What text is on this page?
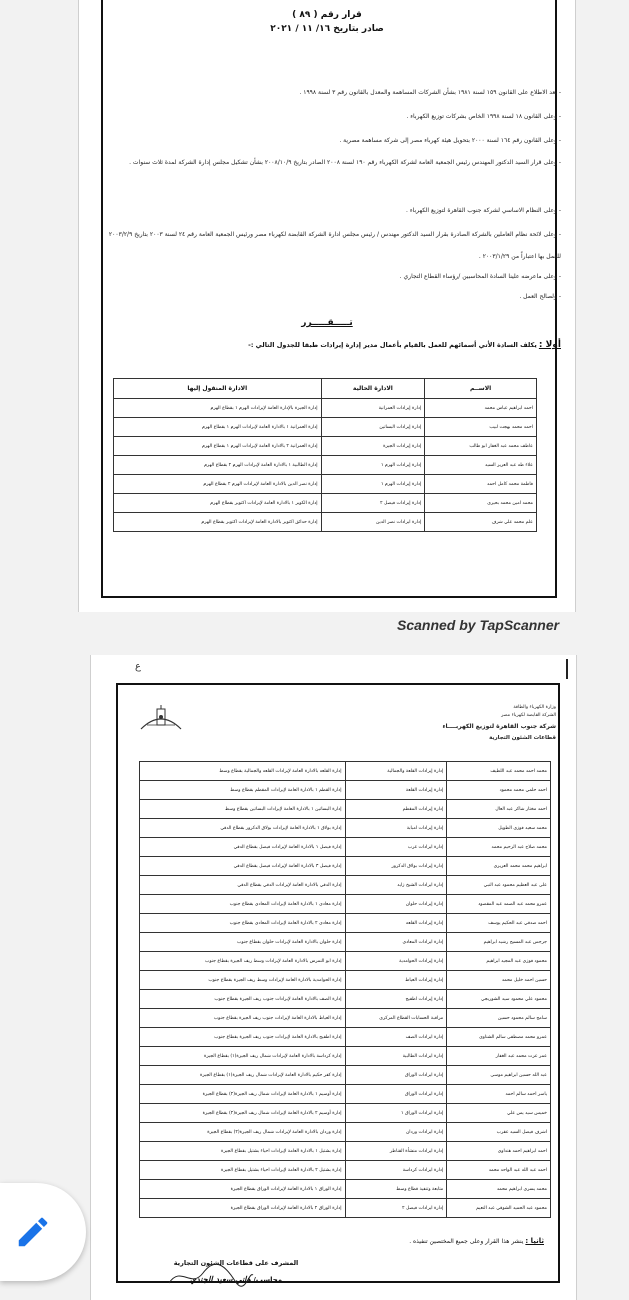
قرار رقم ( ٨٩ )
صادر بتاريخ ١٦/ ١١ / ٢٠٢١
- بعد الاطلاع على القانون ١٥٩ لسنة ١٩٨١ بشأن الشركات المساهمة والمعدل بالقانون رقم ٣ لسنة ١٩٩٨ .
- وعلى القانون ١٨ لسنة ١٩٩٨ الخاص بشركات توزيع الكهرباء .
- وعلى القانون رقم ١٦٤ لسنة ٢٠٠٠ بتحويل هيئة كهرباء مصر إلى شركة مساهمة مصرية .
- وعلى قرار السيد الدكتور المهندس رئيس الجمعية العامة لشركة الكهرباء رقم ١٩٠ لسنة ٢٠٠٨ الصادر بتاريخ ٢٠٠٨/١٠/٩ بشأن تشكيل مجلس إدارة الشركة لمدة ثلاث سنوات .
- وعلى النظام الاساسي لشركة جنوب القاهرة لتوزيع الكهرباء .
- وعلى لائحة نظام العاملين بالشركة الصادرة بقرار السيد الدكتور مهندس / رئيس مجلس ادارة الشركة القابضة لكهرباء مصر ورئيس الجمعية العامة رقم ٢٤ لسنة ٢٠٠٣ بتاريخ ٢٠٠٣/٢/٩ للعمل بها اعتباراً من ٢٠٠٣/١/٢٩ .
- وعلى ماعرضه علينا السادة المحاسبين /رؤساء القطاع التجاري .
- ولصالح العمل .
تـــــقـــــرر
أولا : يكلف السادة الأتي أسمائهم للعمل بالقيام بأعمال مدير إدارة إيرادات طبقا للجدول التالي :-
الاســم	الادارة الحالية	الادارة المنقول إليها
احمد ابراهيم عباس محمد	إدارة إيرادات العمرانية	إدارة الجيزة بالإدارة العامة لإيرادات الهرم ١ بقطاع الهرم
احمد محمد بهجت لبيب	إدارة إيرادات البساتين	إدارة العمرانية ١ بالادارة العامة لإيرادات الهرم ١ بقطاع الهرم
عاطف محمد عبد الغفار ابو طالب	إدارة إيرادات الجيزة	إدارة العمرانية ٢ بالادارة العامة لإيرادات الهرم ١ بقطاع الهرم
علاء طه عبد العزيز السيد	إدارة إيرادات الهرم ١	إدارة الطالبية ١ بالادارة العامة لإيرادات الهرم ٢ بقطاع الهرم
فاطمة محمد كامل احمد	إدارة إيرادات الهرم ١	إدارة نصر الدين بالادارة العامة لإيرادات الهرم ٢ بقطاع الهرم
محمد امين محمد بحيري	إدارة إيرادات فيصل ٢	إدارة الكوبر ١ بالادارة العامة لإيرادات اكتوبر بقطاع الهرم
علم محمد علي شرف	إدارة ايرادات نصر الدين	إدارة حدائق اكتوبر بالادارة العامة لإيرادات اكتوبر بقطاع الهرم
Scanned by TapScanner
ع
وزارة الكهرباء والطاقة
الشركة القابضة لكهرباء مصر
شركة جنوب القاهرة لتوزيع الكهربــــاء
قطاعات الشئون التجارية
محمد احمد محمد عبد اللطيف	إدارة إيرادات القلعة والجمالية	إدارة القلعه بالادارة العامة لإيرادات القلعه والجمالية بقطاع وسط
احمد حلمي محمد محمود	إدارة إيرادات القلعة	إدارة القطم ١ بالادارة العامة لإيرادات المقطم بقطاع وسط
احمد مختار شاكر عبد العال	إدارة إيرادات المقطم	إدارة البساتين ١ بالادارة العامة لإيرادات البساتين بقطاع وسط
محمد سعيد فوزي الطويل	إدارة إيرادات امبابة	إدارة بولاق ١ بالادارة العامة لإيرادات بولاق الدكرور بقطاع الدقي
محمد صلاح عبد الرحيم محمد	إدارة ايرادات غرب	إدارة فيصل ١ بالادارة العامة لإيرادات فيصل بقطاع الدقي
ابراهيم محمد محمد العزيزي	إدارة إيرادات بولاق الدكرور	إدارة فيصل ٣ بالادارة العامة لإيرادات فيصل بقطاع الدقي
على عبد العظيم محمود عبد النبي	إدارة ايرادات الشيخ زايد	إدارة الدقي بالادارة العامة لإيرادات الدقي بقطاع الدقي
عمرو محمد عبد الصمد عبد المقصود	إدارة إيرادات حلوان	إدارة معادي ١ بالادارة العامة لإيرادات المعادي بقطاع جنوب
احمد صدقي عبد الحكيم يوسف	إدارة إيرادات القلعه	إدارة معادي ٢ بالادارة العامة لإيرادات المعادي بقطاع جنوب
جرجس عبد المسيح رشيد ابراهيم	إدارة ايرادات المعادي	إدارة حلوان بالادارة العامة لإيرادات حلوان بقطاع جنوب
محمود فوزي عبد المجيد ابراهيم	إدارة إيرادات الحوامدية	إدارة ابو النمرس بالادارة العامة لإيرادات وسط ريف الجيزة بقطاع جنوب
حسين احمد خليل محمد	إدارة إيرادات العياط	إدارة الحوامدية بالادارة العامة لإيرادات وسط ريف الجيزة بقطاع جنوب
محمود علي محمود سيد الشوربجي	إدارة إيرادات اطفيح	إدارة الصف بالادارة العامة لإيرادات جنوب ريف الجيزة بقطاع جنوب
سامح سالم محمود حسين	مراقبة الحسابات القطاع المركزي	إدارة العياط بالادارة العامة لإيرادات جنوب ريف الجيزة بقطاع جنوب
عمرو محمد مصطفى سالم الشناوي	إدارة ايرادات الصف	إدارة اطفيح بالادارة العامة لإيرادات جنوب ريف الجيزة بقطاع جنوب
عمر عزت محمد عبد الغفار	إدارة ايرادات الطالبية	إدارة كرداسة بالادارة العامة لإيرادات شمال ريف الجيزة(١) بقطاع الجيزة
عبد الله حسين ابراهيم موسى	إدارة ايرادات الوراق	إدارة كفر حكيم بالادارة العامة لإيرادات شمال ريف الجيزة(١) بقطاع الجيزة
ياسر احمد سالم احمد	إدارة ايرادات الوراق	إدارة أوسيم ١ بالادارة العامة لإيرادات شمال ريف الجيزة(٢) بقطاع الجيزة
خميس سيد يس علي	إدارة ايرادات الوراق ١	إدارة أوسيم ٢ بالادارة العامة لإيرادات شمال ريف الجيزة(٢) بقطاع الجيزة
اشرف فيصل السيد عقرب	إدارة ايرادات وردان	إدارة وردان بالادارة العامة لإيرادات شمال ريف الجيزة(٢) بقطاع الجيزة
احمد ابراهيم احمد هنداوي	إدارة ايرادات منشأة القناطر	إدارة بشتيل ١ بالادارة العامة لإيرادات احياء بشتيل بقطاع الجيزة
احمد عبد الله عبد الواحد محمد	إدارة ايرادات كرداسة	إدارة بشتيل ٢ بالادارة العامة لإيرادات احياء بشتيل بقطاع الجيزة
محمد يسري ابراهيم محمد	متابعة وتنفيذ قطاع وسط	إدارة الوراق ١ بالادارة العامة لإيرادات الوراق بقطاع الجيزة
محمود عبد الحميد الشوقي عبد النعيم	إدارة ايرادات فيصل ٢	إدارة الوراق ٢ بالادارة العامة لإيرادات الوراق بقطاع الجيزة
ثانيا : ينشر هذا القرار وعلى جميع المختصين تنفيذه .
المشرف على قطاعات الشئون التجارية
محاسب/ هاني سعيد الجندي
